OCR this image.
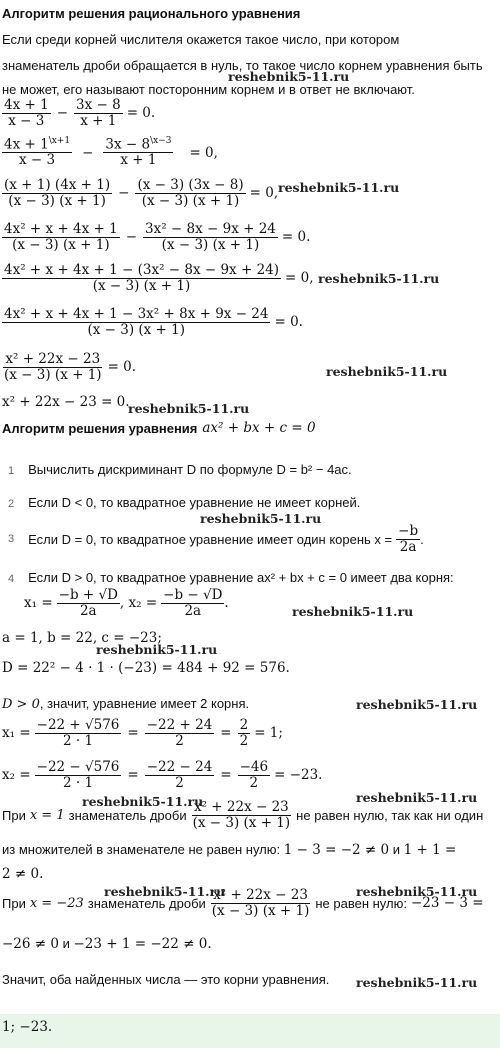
Алгоритм решения рационального уравнения
Если среди корней числителя окажется такое число, при котором
знаменатель дроби обращается в нуль, то такое число корнем уравнения быть
reshebnik5-11.ru
не может, его называют посторонним корнем и в ответ не включают.
$\frac{4x + 1}{x - 3} - \frac{3x - 8}{x + 1} = 0$.
$\frac{4x + 1^{\backslash x+1}}{x - 3} - \frac{3x - 8^{\backslash x-3}}{x + 1} = 0$,
$\frac{(x + 1) (4x + 1)}{(x - 3) (x + 1)} - \frac{(x - 3) (3x - 8)}{(x - 3) (x + 1)} = 0$, reshebnik5-11.ru
$\frac{\text{4x² + x + 4x + 1}}{(x - 3) (x + 1)} - \frac{\text{3x² − 8x − 9x + 24}}{(x - 3) (x + 1)} = 0$.
$\frac{\text{4x² + x + 4x + 1 − (3x² − 8x − 9x + 24)}}{(x - 3) (x + 1)} = 0$, reshebnik5-11.ru
$\frac{\text{4x² + x + 4x + 1 − 3x² + 8x + 9x − 24}}{(x - 3) (x + 1)} = 0$.
$\frac{\text{x² + 22x − 23}}{(x - 3) (x + 1)} = 0$.	reshebnik5-11.ru
x² + 22x − 23 = 0.
reshebnik5-11.ru
Алгоритм решения уравнения ax² + bx + c = 0
1 Вычислить дискриминант D по формуле D = b² − 4ac.
2 Если D < 0, то квадратное уравнение не имеет корней.
reshebnik5-11.ru
3 Если D = 0, то квадратное уравнение имеет один корень $x = \frac{-b}{2a}$ .
4 Если D > 0, то квадратное уравнение ax² + bx + c = 0 имеет два корня:
$x_1 = \frac{-b + √D}{2a}$ , $x_2 = \frac{-b - √D}{2a}$ .
reshebnik5-11.ru
a = 1, b = 22, c = −23;
reshebnik5-11.ru
D = 22² − 4 · 1 · (−23) = 484 + 92 = 576.
D > 0, значит, уравнение имеет 2 корня.	reshebnik5-11.ru
$x_1 = \frac{-22 + √576}{2 \cdot 1} = \frac{-22 + 24}{2} = \frac{2}{2} = 1$;
$x_2 = \frac{-22 - √576}{2 \cdot 1} = \frac{-22 - 24}{2} = \frac{-46}{2} = -23$.
reshebnik5-11.ru
При x = 1 знаменатель дроби $\frac{\text{x² + 22x − 23}}{(x - 3) (x + 1)}$ не равен нулю, так как ни один
reshebnik5-11.ru
из множителей в знаменателе не равен нулю: 1 − 3 = −2 ≠ 0 и 1 + 1 =
2 ≠ 0.
reshebnik5-11.ru	reshebnik5-11.ru
При x = −23 знаменатель дроби $\frac{\text{x² + 22x − 23}}{(x - 3) (x + 1)}$ не равен нулю: −23 − 3 =
−26 ≠ 0 и −23 + 1 = −22 ≠ 0.
Значит, оба найденных числа — это корни уравнения. reshebnik5-11.ru
1; −23.
